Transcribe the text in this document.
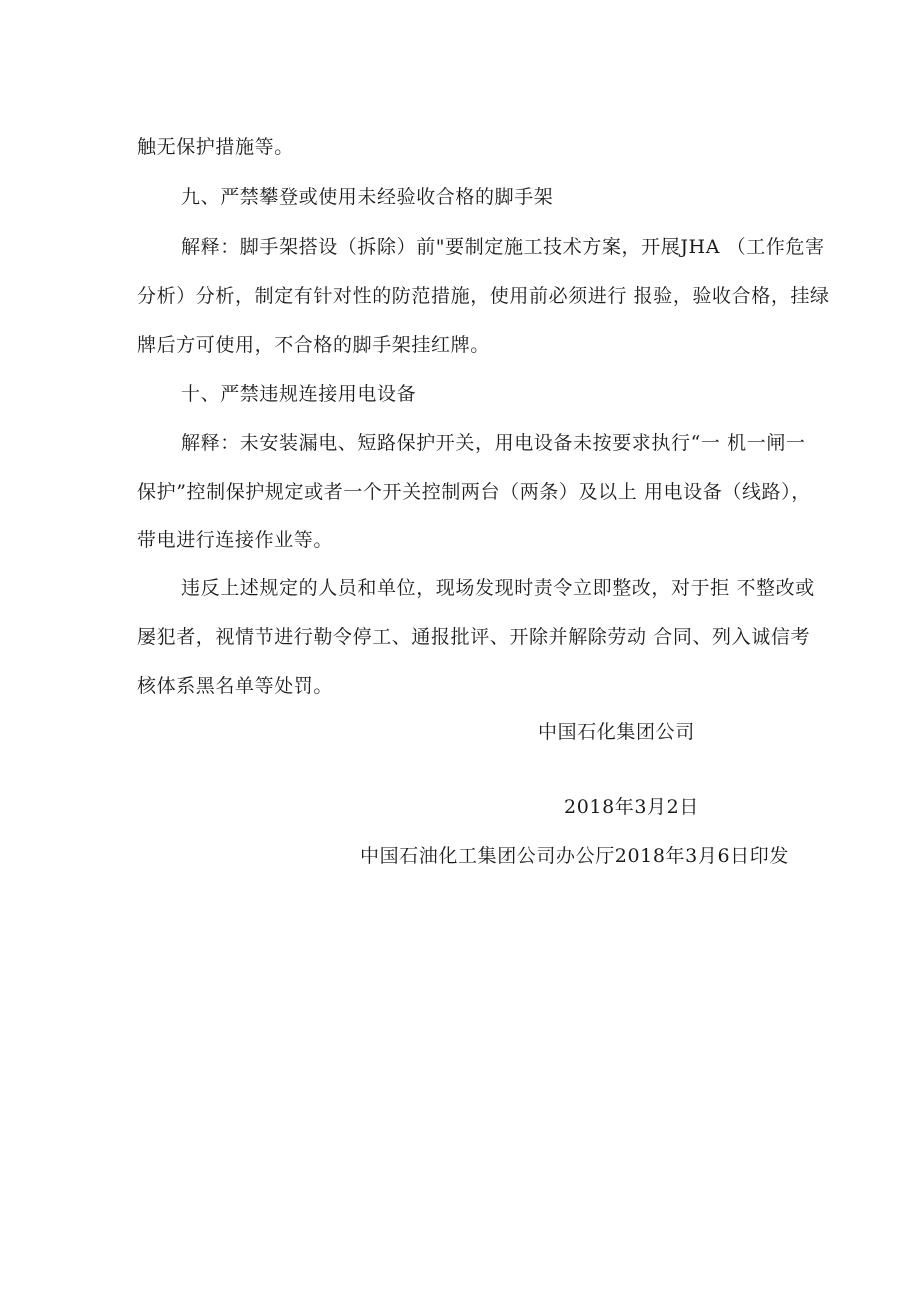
触无保护措施等。
九、严禁攀登或使用未经验收合格的脚手架
解释：脚手架搭设（拆除）前"要制定施工技术方案，开展JHA （工作危害
分析）分析，制定有针对性的防范措施，使用前必须进行 报验，验收合格，挂绿
牌后方可使用，不合格的脚手架挂红牌。
十、严禁违规连接用电设备
解释：未安装漏电、短路保护开关，用电设备未按要求执行“一 机一闸一
保护”控制保护规定或者一个开关控制两台（两条）及以上 用电设备（线路），
带电进行连接作业等。
违反上述规定的人员和单位，现场发现时责令立即整改，对于拒 不整改或
屡犯者，视情节进行勒令停工、通报批评、开除并解除劳动 合同、列入诚信考
核体系黑名单等处罚。
中国石化集团公司
2018年3月2日
中国石油化工集团公司办公厅2018年3月6日印发
